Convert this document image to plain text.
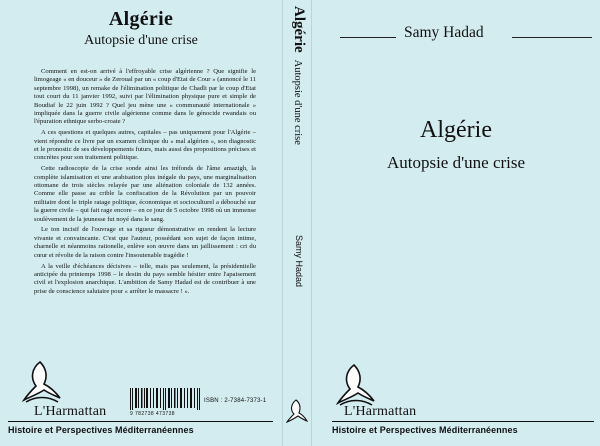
Algérie
Autopsie d'une crise

Comment en est-on arrivé à l'effroyable crise algérienne ? Que signifie le limogeage « en douceur » de Zeroual par un « coup d'Etat de Cour » (annoncé le 11 septembre 1998), un remake de l'élimination politique de Chadli par le coup d'Etat tout court du 11 janvier 1992, suivi par l'élimination physique pure et simple de Boudiaf le 22 juin 1992 ? Quel jeu mène une « communauté internationale » impliquée dans la guerre civile algérienne comme dans le génocide rwandais ou l'épuration ethnique serbo-croate ?

A ces questions et quelques autres, capitales – pas uniquement pour l'Algérie – vient répondre ce livre par un examen clinique du « mal algérien », son diagnostic et le pronostic de ses développements futurs, mais aussi des propositions précises et concrètes pour son traitement politique.

Cette radioscopie de la crise sonde ainsi les tréfonds de l'âme amazigh, la complète islamisation et une arabisation plus inégale du pays, une marginalisation ottomane de trois siècles relayée par une aliénation coloniale de 132 années. Comme elle passe au crible la confiscation de la Révolution par un pouvoir militaire dont le triple ratage politique, économique et socioculturel a débouché sur la guerre civile – qui fait rage encore – en ce jour de 5 octobre 1998 où un immense soulèvement de la jeunesse fut noyé dans le sang.

Le ton incisif de l'ouvrage et sa rigueur démonstrative en rendent la lecture vivante et convaincante. C'est que l'auteur, possédant son sujet de façon intime, charnelle et néanmoins rationelle, enlève son œuvre dans un jaillissement : cri du cœur et révolte de la raison contre l'insoutenable tragédie !

A la veille d'échéances décisives – telle, mais pas seulement, la présidentielle anticipée du printemps 1998 – le destin du pays semble hésiter entre l'apaisement civil et l'explosion anarchique. L'ambition de Samy Hadad est de contribuer à une prise de conscience salutaire pour « arrêter le massacre ! ».

L'Harmattan	9 782738 473738
ISBN : 2-7384-7373-1
Histoire et Perspectives Méditerranéennes
Algérie Autopsie d'une crise
Samy Hadad
Samy Hadad
Algérie
Autopsie d'une crise
L'Harmattan
Histoire et Perspectives Méditerranéennes
